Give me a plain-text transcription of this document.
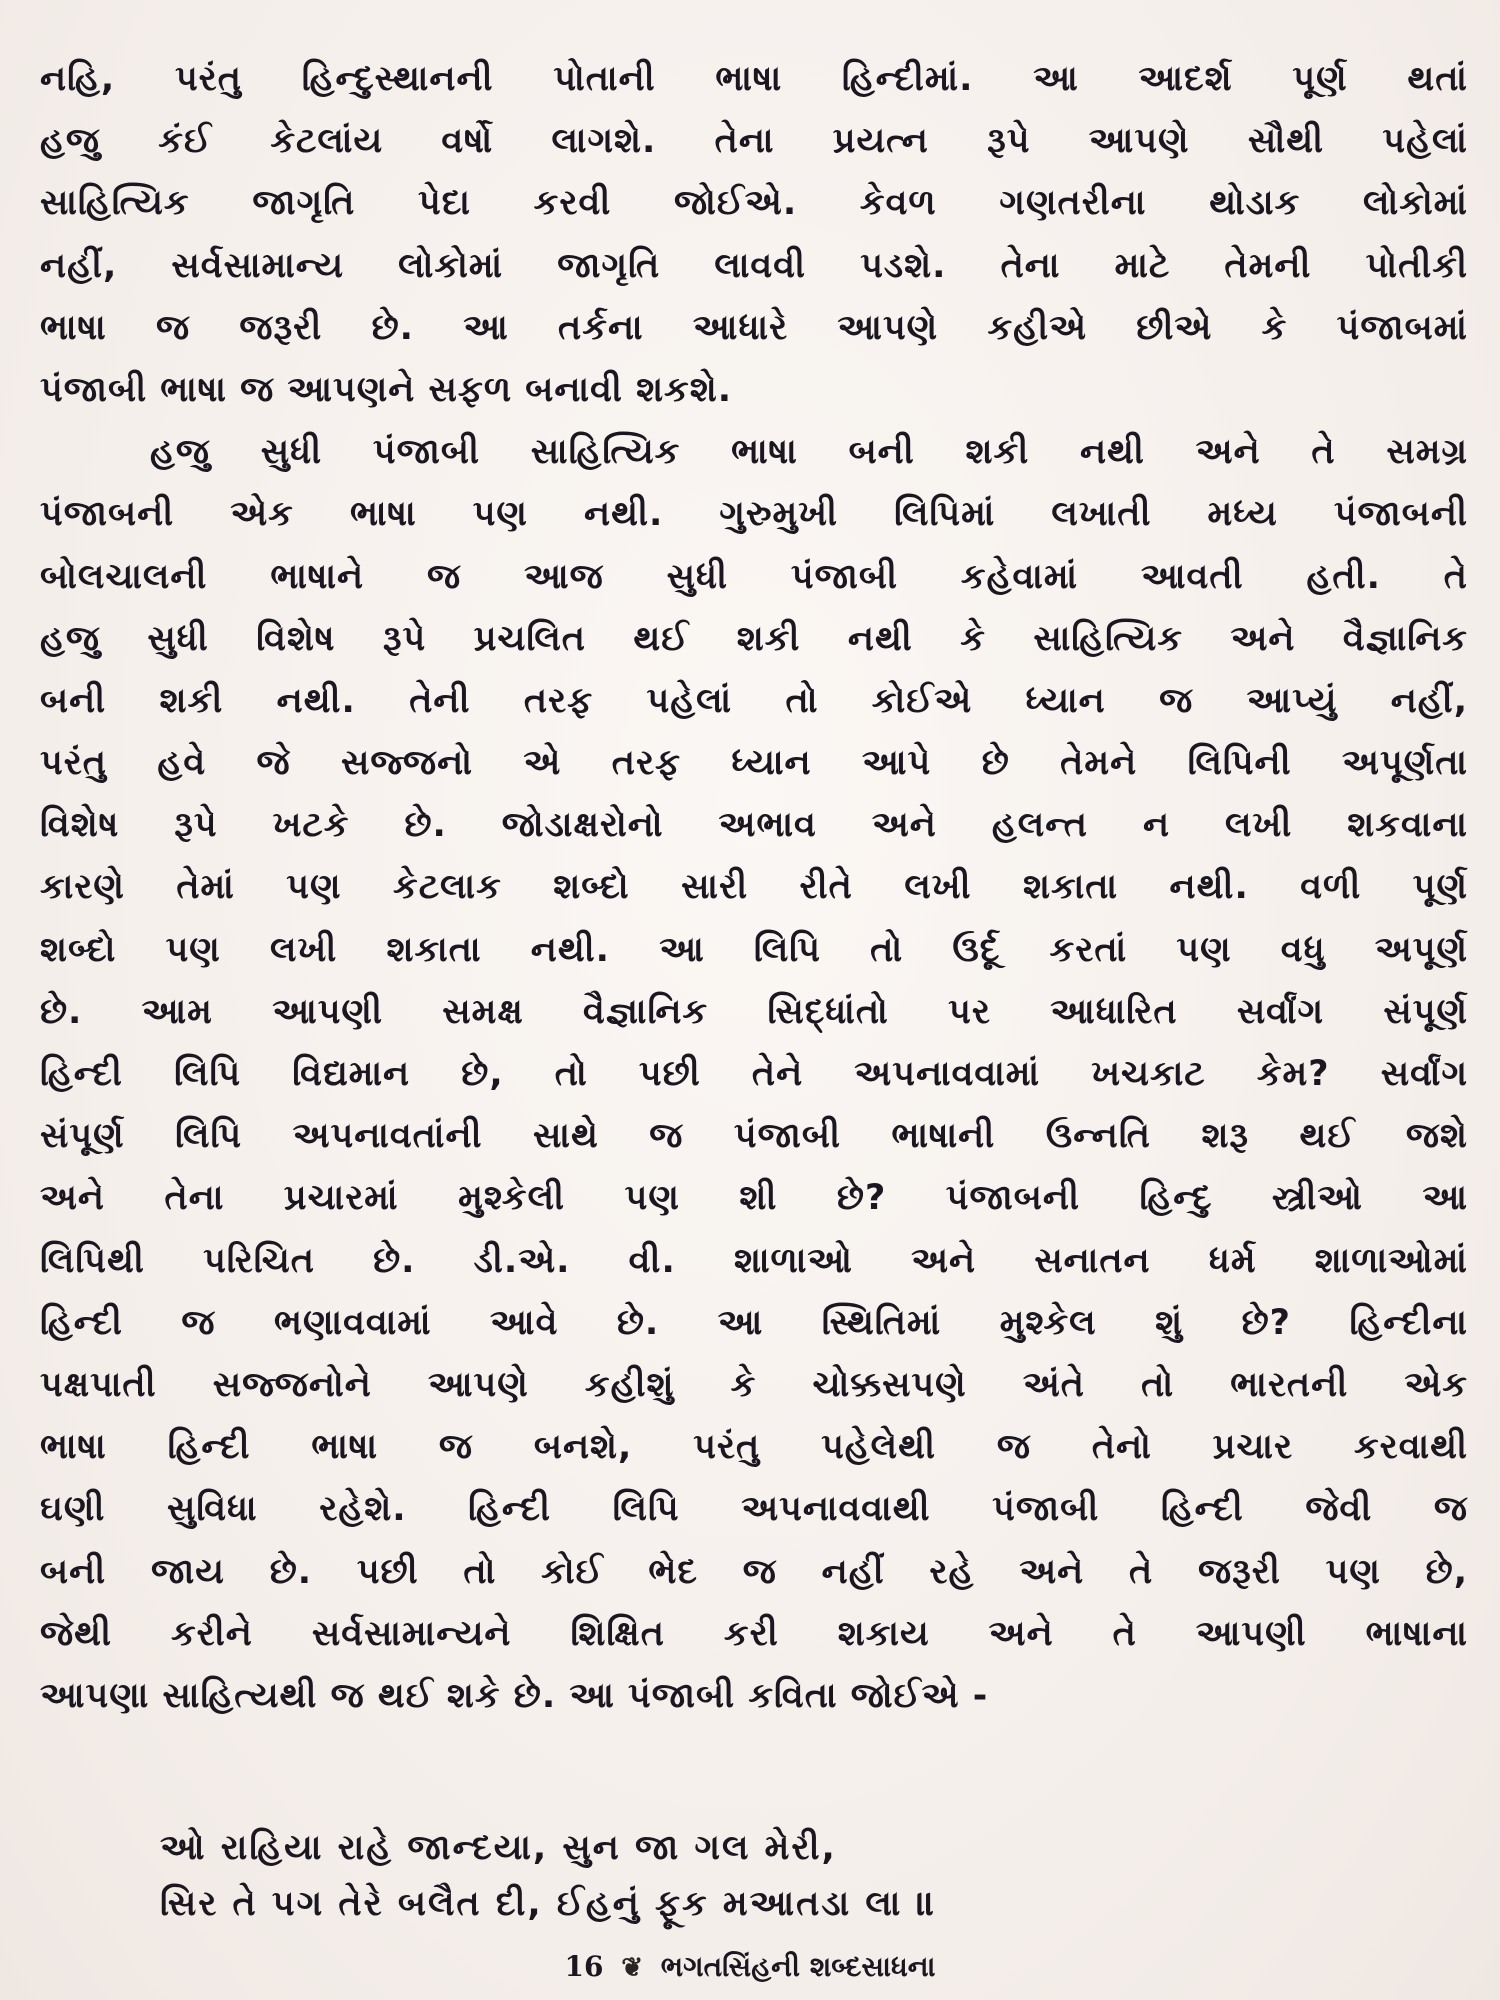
નહિ, પરંતુ હિન્દુસ્થાનની પોતાની ભાષા હિન્દીમાં. આ આદર્શ પૂર્ણ થતાં
હજુ કંઈ કેટલાંય વર્ષો લાગશે. તેના પ્રયત્ન રૂપે આપણે સૌથી પહેલાં
સાહિત્યિક જાગૃતિ પેદા કરવી જોઈએ. કેવળ ગણતરીના થોડાક લોકોમાં
નહીં, સર્વસામાન્ય લોકોમાં જાગૃતિ લાવવી પડશે. તેના માટે તેમની પોતીકી
ભાષા જ જરૂરી છે. આ તર્કના આધારે આપણે કહીએ છીએ કે પંજાબમાં
પંજાબી ભાષા જ આપણને સફળ બનાવી શકશે.
હજુ સુધી પંજાબી સાહિત્યિક ભાષા બની શકી નથી અને તે સમગ્ર
પંજાબની એક ભાષા પણ નથી. ગુરુમુખી લિપિમાં લખાતી મધ્ય પંજાબની
બોલચાલની ભાષાને જ આજ સુધી પંજાબી કહેવામાં આવતી હતી. તે
હજુ સુધી વિશેષ રૂપે પ્રચલિત થઈ શકી નથી કે સાહિત્યિક અને વૈજ્ઞાનિક
બની શકી નથી. તેની તરફ પહેલાં તો કોઈએ ધ્યાન જ આપ્યું નહીં,
પરંતુ હવે જે સજ્જનો એ તરફ ધ્યાન આપે છે તેમને લિપિની અપૂર્ણતા
વિશેષ રૂપે ખટકે છે. જોડાક્ષરોનો અભાવ અને હલન્ત ન લખી શકવાના
કારણે તેમાં પણ કેટલાક શબ્દો સારી રીતે લખી શકાતા નથી. વળી પૂર્ણ
શબ્દો પણ લખી શકાતા નથી. આ લિપિ તો ઉર્દૂ કરતાં પણ વધુ અપૂર્ણ
છે. આમ આપણી સમક્ષ વૈજ્ઞાનિક સિદ્ધાંતો પર આધારિત સર્વાંગ સંપૂર્ણ
હિન્દી લિપિ વિદ્યમાન છે, તો પછી તેને અપનાવવામાં ખચકાટ કેમ? સર્વાંગ
સંપૂર્ણ લિપિ અપનાવતાંની સાથે જ પંજાબી ભાષાની ઉન્નતિ શરૂ થઈ જશે
અને તેના પ્રચારમાં મુશ્કેલી પણ શી છે? પંજાબની હિન્દુ સ્ત્રીઓ આ
લિપિથી પરિચિત છે. ડી.એ. વી. શાળાઓ અને સનાતન ધર્મ શાળાઓમાં
હિન્દી જ ભણાવવામાં આવે છે. આ સ્થિતિમાં મુશ્કેલ શું છે? હિન્દીના
પક્ષપાતી સજ્જનોને આપણે કહીશું કે ચોક્કસપણે અંતે તો ભારતની એક
ભાષા હિન્દી ભાષા જ બનશે, પરંતુ પહેલેથી જ તેનો પ્રચાર કરવાથી
ઘણી સુવિધા રહેશે. હિન્દી લિપિ અપનાવવાથી પંજાબી હિન્દી જેવી જ
બની જાય છે. પછી તો કોઈ ભેદ જ નહીં રહે અને તે જરૂરી પણ છે,
જેથી કરીને સર્વસામાન્યને શિક્ષિત કરી શકાય અને તે આપણી ભાષાના
આપણા સાહિત્યથી જ થઈ શકે છે. આ પંજાબી કવિતા જોઈએ -
ઓ રાહિયા રાહે જાન્દયા, સુન જા ગલ મેરી,
સિર તે પગ તેરે બલૈત દી, ઈહનું ફૂક મઆતડા લા ॥
16 ❦ ભગતસિંહની શબ્દસાધના
